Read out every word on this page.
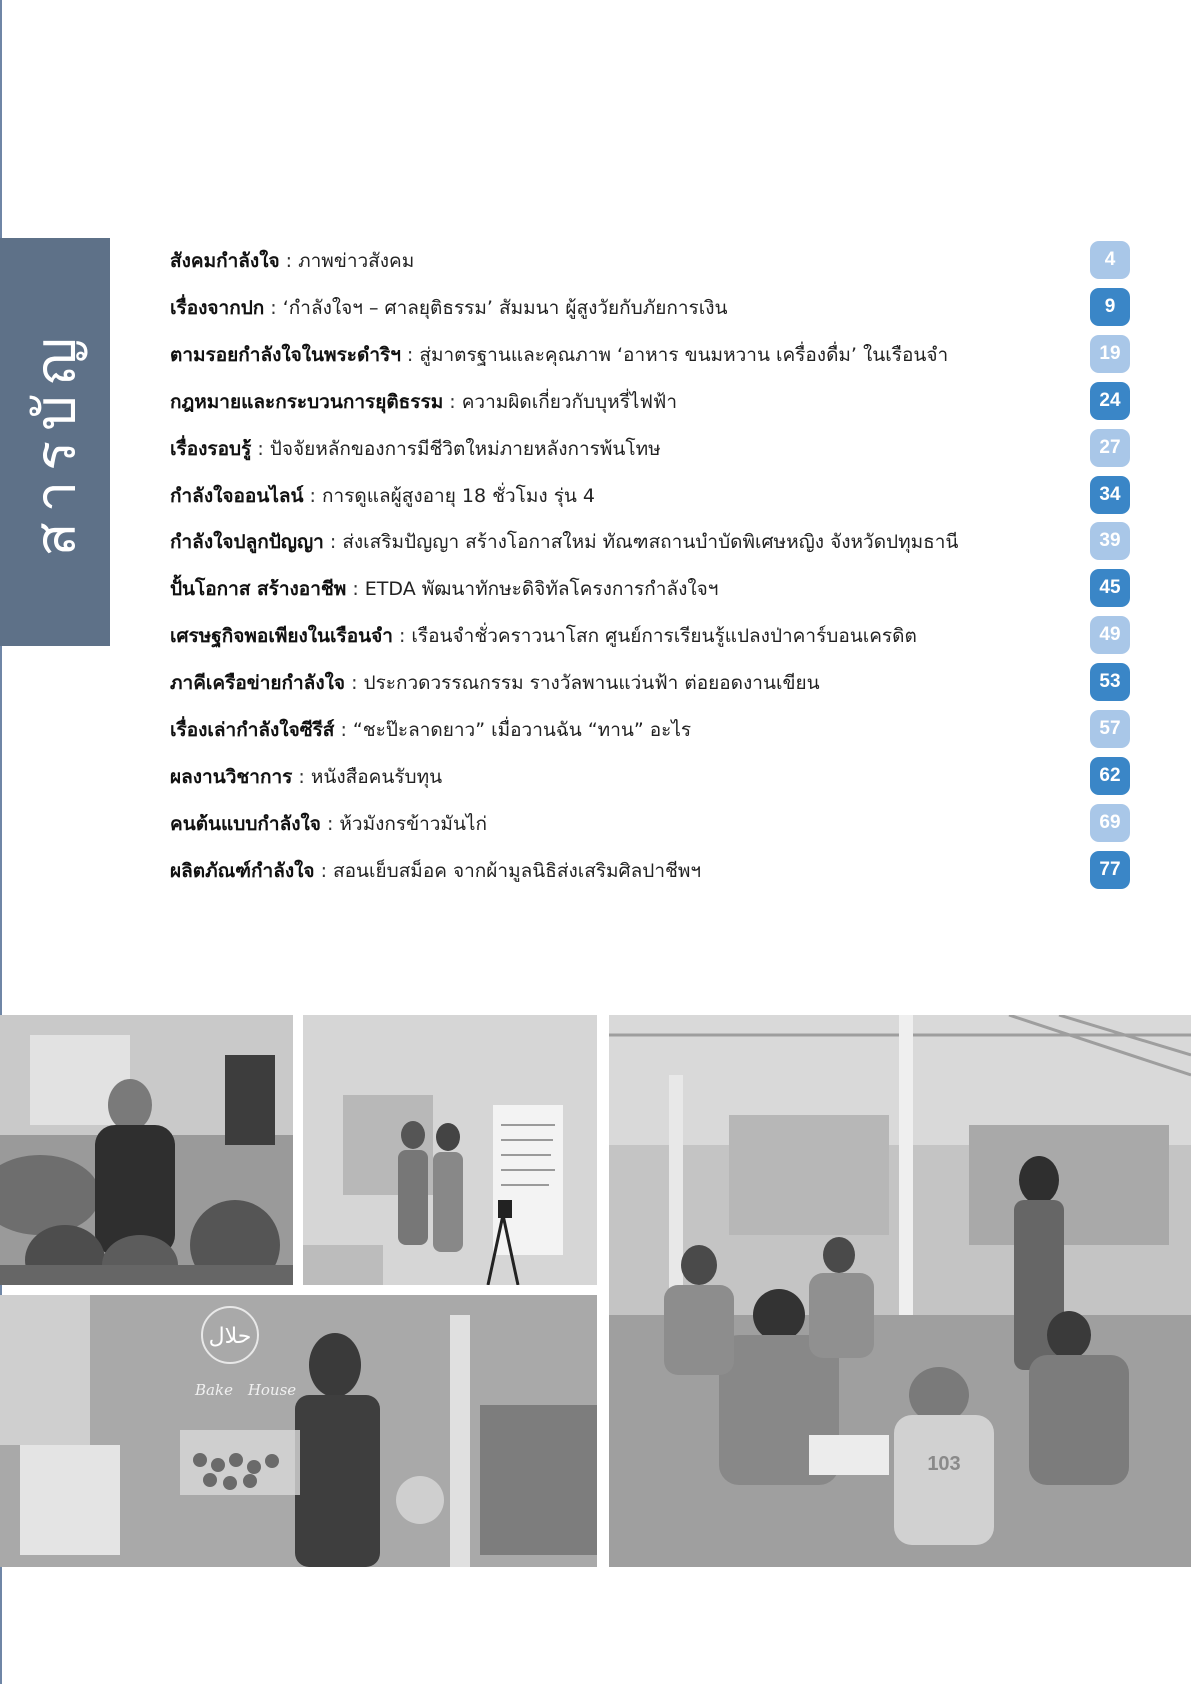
สารบัญ
สังคมกำลังใจ : ภาพข่าวสังคม	4
เรื่องจากปก : ‘กำลังใจฯ – ศาลยุติธรรม’ สัมมนา ผู้สูงวัยกับภัยการเงิน	9
ตามรอยกำลังใจในพระดำริฯ : สู่มาตรฐานและคุณภาพ ‘อาหาร ขนมหวาน เครื่องดื่ม’ ในเรือนจำ	19
กฎหมายและกระบวนการยุติธรรม : ความผิดเกี่ยวกับบุหรี่ไฟฟ้า	24
เรื่องรอบรู้ : ปัจจัยหลักของการมีชีวิตใหม่ภายหลังการพ้นโทษ	27
กำลังใจออนไลน์ : การดูแลผู้สูงอายุ 18 ชั่วโมง รุ่น 4	34
กำลังใจปลูกปัญญา : ส่งเสริมปัญญา สร้างโอกาสใหม่ ทัณฑสถานบำบัดพิเศษหญิง จังหวัดปทุมธานี	39
ปั้นโอกาส สร้างอาชีพ : ETDA พัฒนาทักษะดิจิทัลโครงการกำลังใจฯ	45
เศรษฐกิจพอเพียงในเรือนจำ : เรือนจำชั่วคราวนาโสก ศูนย์การเรียนรู้แปลงป่าคาร์บอนเครดิต	49
ภาคีเครือข่ายกำลังใจ : ประกวดวรรณกรรม รางวัลพานแว่นฟ้า ต่อยอดงานเขียน	53
เรื่องเล่ากำลังใจซีรีส์ : “ชะป๊ะลาดยาว” เมื่อวานฉัน “ทาน” อะไร	57
ผลงานวิชาการ : หนังสือคนรับทุน	62
คนต้นแบบกำลังใจ : ห้วมังกรข้าวมันไก่	69
ผลิตภัณฑ์กำลังใจ : สอนเย็บสม็อค จากผ้ามูลนิธิส่งเสริมศิลปาชีพฯ	77
حلال
Bake House
103
